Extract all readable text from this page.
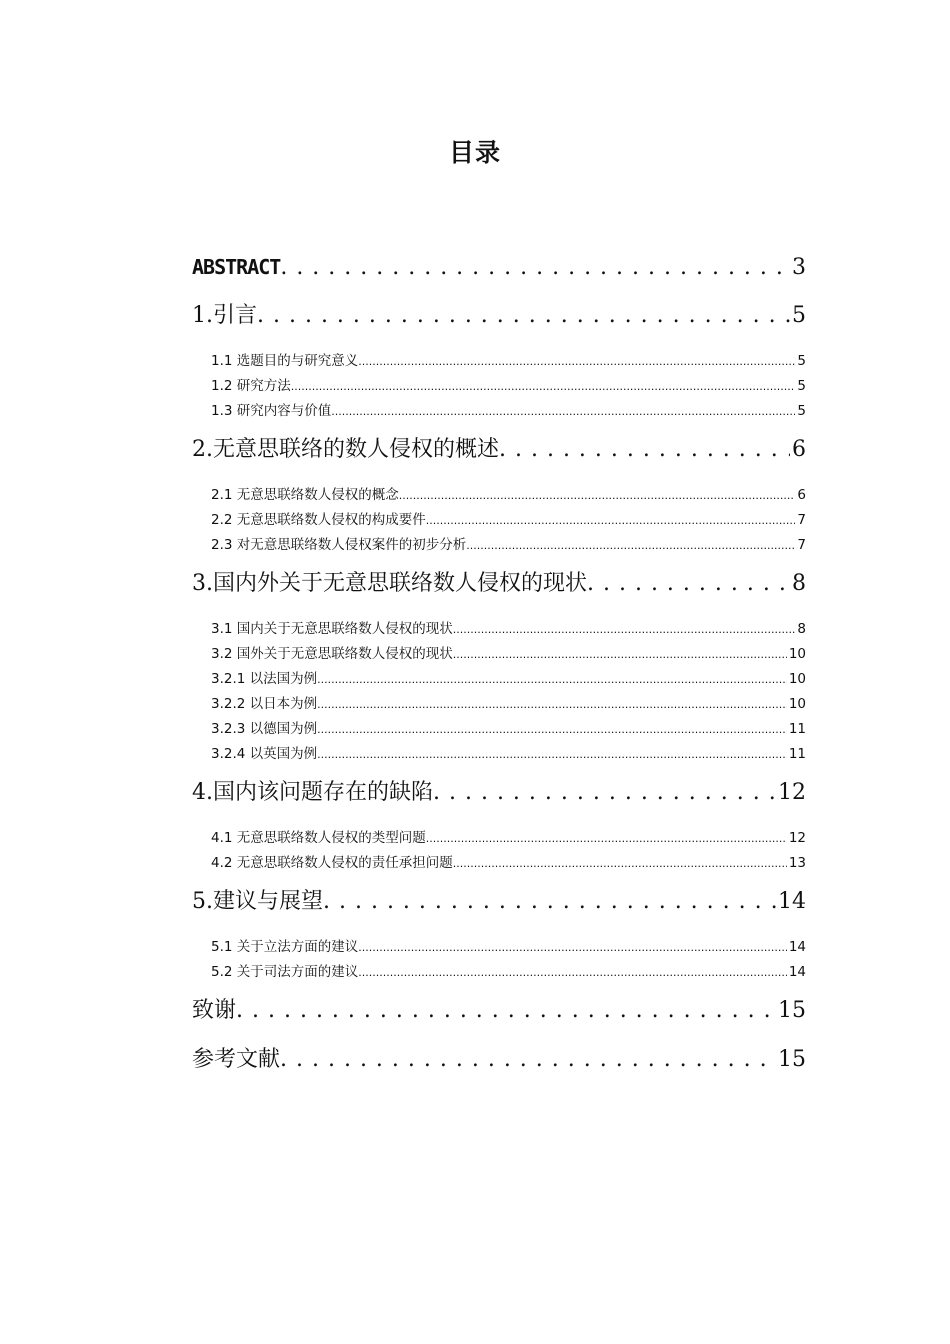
目录
ABSTRACT . . .	3
1.引言 . . .	5
1.1 选题目的与研究意义 .....	5
1.2 研究方法 .....	5
1.3 研究内容与价值 .....	5
2.无意思联络的数人侵权的概述 . . .	6
2.1 无意思联络数人侵权的概念 .....	6
2.2 无意思联络数人侵权的构成要件 .....	7
2.3 对无意思联络数人侵权案件的初步分析 .....	7
3.国内外关于无意思联络数人侵权的现状 . . .	8
3.1 国内关于无意思联络数人侵权的现状 .....	8
3.2 国外关于无意思联络数人侵权的现状 .....	10
3.2.1 以法国为例 .....	10
3.2.2 以日本为例 .....	10
3.2.3 以德国为例 .....	11
3.2.4 以英国为例 .....	11
4.国内该问题存在的缺陷 . . .	12
4.1 无意思联络数人侵权的类型问题 .....	12
4.2 无意思联络数人侵权的责任承担问题 .....	13
5.建议与展望 . . .	14
5.1 关于立法方面的建议 .....	14
5.2 关于司法方面的建议 .....	14
致谢 . . .	15
参考文献 . . .	15
